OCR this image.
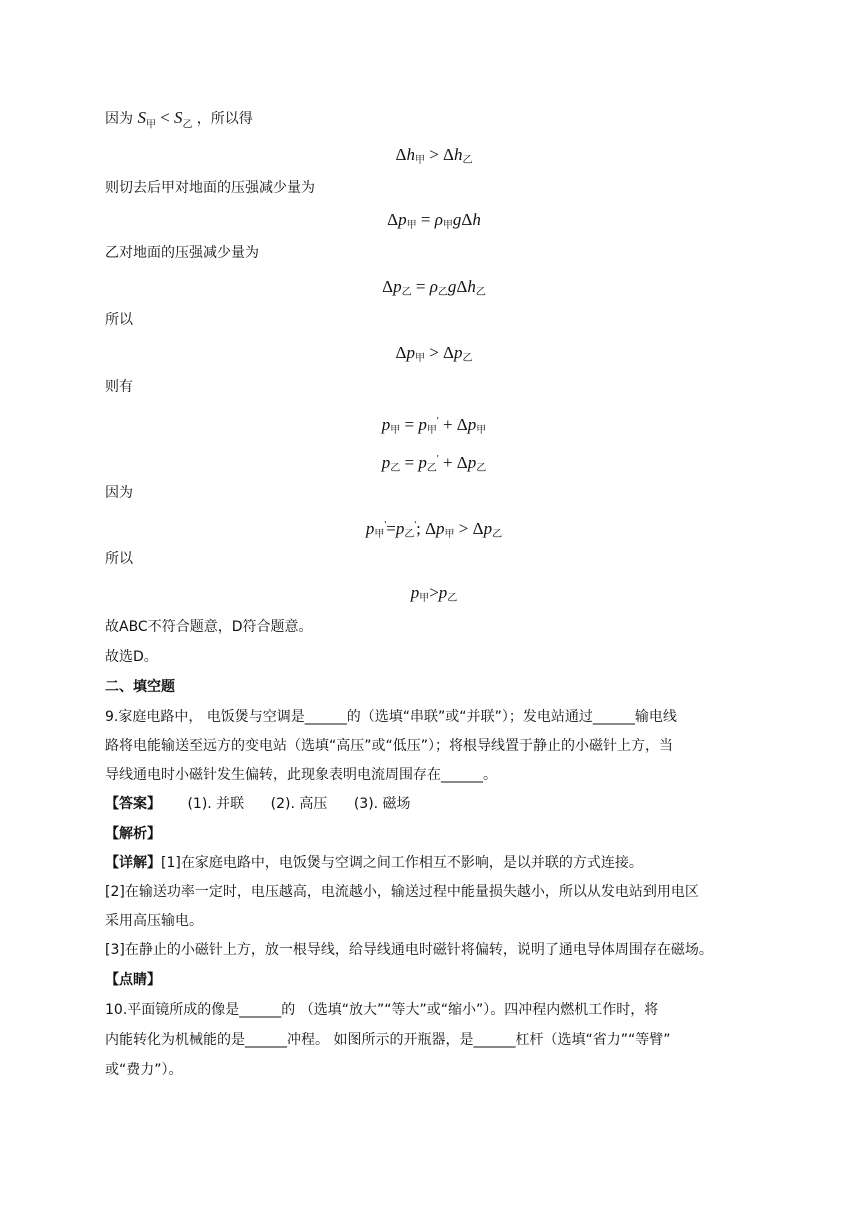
因为 $S_甲 < S_乙$ ，所以得
$\Delta h_甲 > \Delta h_乙$
则切去后甲对地面的压强减少量为
$\Delta p_甲 = \rho_甲g\Delta h$
乙对地面的压强减少量为
$\Delta p_乙 = \rho_乙g\Delta h_乙$
所以
$\Delta p_甲 > \Delta p_乙$
则有
$p_甲 = p_甲' + \Delta p_甲$
$p_乙 = p_乙' + \Delta p_乙$
因为
$p_甲'=p_乙'$; $\Delta p_甲 > \Delta p_乙$
所以
$p_甲>p_乙$
故ABC不符合题意，D符合题意。
故选D。
二、填空题
9.家庭电路中， 电饭煲与空调是______的（选填“串联”或“并联”）；发电站通过______输电线
路将电能输送至远方的变电站（选填“高压”或“低压”）；将根导线置于静止的小磁针上方，当
导线通电时小磁针发生偏转，此现象表明电流周围存在______。
【答案】 (1). 并联 (2). 高压 (3). 磁场
【解析】
【详解】[1]在家庭电路中，电饭煲与空调之间工作相互不影响，是以并联的方式连接。
[2]在输送功率一定时，电压越高，电流越小，输送过程中能量损失越小，所以从发电站到用电区
采用高压输电。
[3]在静止的小磁针上方，放一根导线，给导线通电时磁针将偏转，说明了通电导体周围存在磁场。
【点睛】
10.平面镜所成的像是______的 （选填“放大”“等大”或“缩小”）。四冲程内燃机工作时，将
内能转化为机械能的是______冲程。 如图所示的开瓶器，是______杠杆（选填“省力”“等臂”
或“费力”）。
